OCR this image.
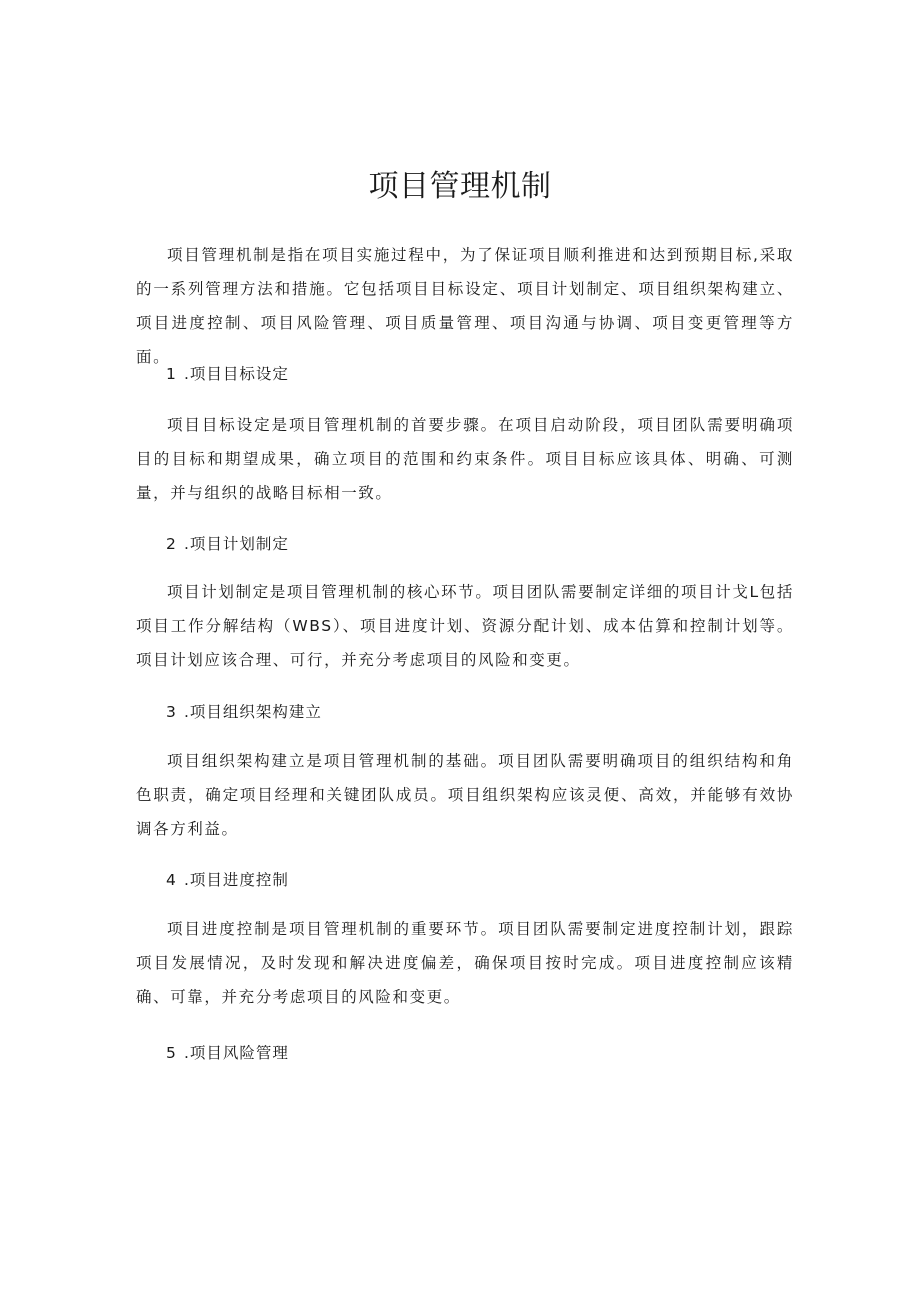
项目管理机制

项目管理机制是指在项目实施过程中，为了保证项目顺利推进和达到预期目标,采取的一系列管理方法和措施。它包括项目目标设定、项目计划制定、项目组织架构建立、项目进度控制、项目风险管理、项目质量管理、项目沟通与协调、项目变更管理等方面。

1 .项目目标设定

项目目标设定是项目管理机制的首要步骤。在项目启动阶段，项目团队需要明确项目的目标和期望成果，确立项目的范围和约束条件。项目目标应该具体、明确、可测量，并与组织的战略目标相一致。

2 .项目计划制定

项目计划制定是项目管理机制的核心环节。项目团队需要制定详细的项目计戈L包括项目工作分解结构（WBS）、项目进度计划、资源分配计划、成本估算和控制计划等。项目计划应该合理、可行，并充分考虑项目的风险和变更。

3 .项目组织架构建立

项目组织架构建立是项目管理机制的基础。项目团队需要明确项目的组织结构和角色职责，确定项目经理和关键团队成员。项目组织架构应该灵便、高效，并能够有效协调各方利益。

4 .项目进度控制

项目进度控制是项目管理机制的重要环节。项目团队需要制定进度控制计划，跟踪项目发展情况，及时发现和解决进度偏差，确保项目按时完成。项目进度控制应该精确、可靠，并充分考虑项目的风险和变更。

5 .项目风险管理
